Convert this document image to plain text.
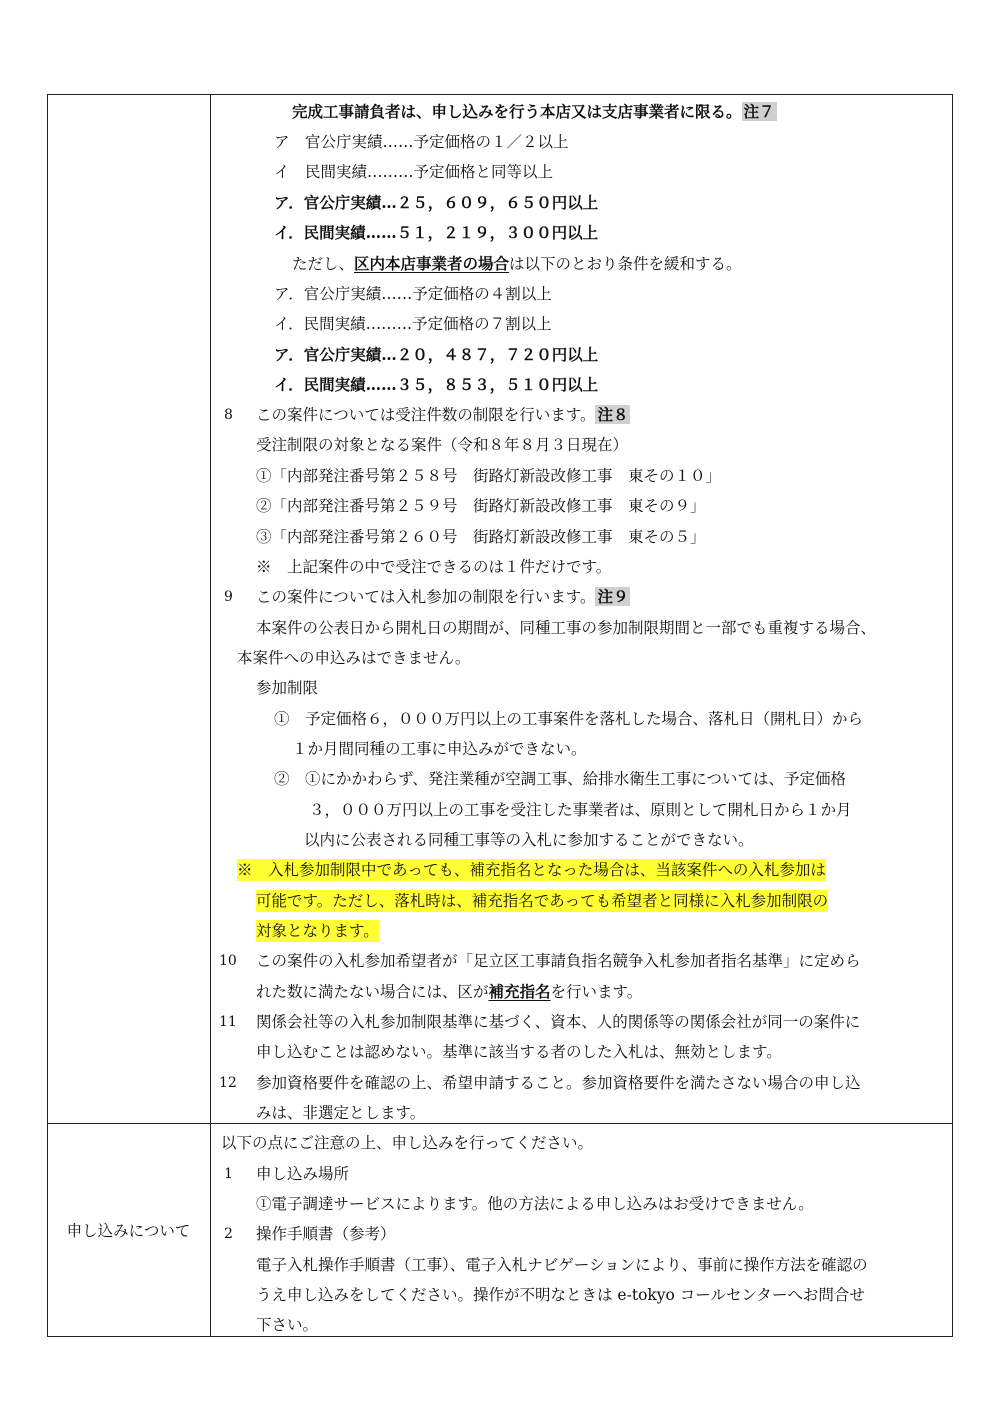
完成工事請負者は、申し込みを行う本店又は支店事業者に限る。 注７
ア　官公庁実績……予定価格の１／２以上
イ　民間実績………予定価格と同等以上
ア．官公庁実績…２５，６０９，６５０円以上
イ．民間実績……５１，２１９，３００円以上
ただし、区内本店事業者の場合は以下のとおり条件を緩和する。
ア．官公庁実績……予定価格の４割以上
イ．民間実績………予定価格の７割以上
ア．官公庁実績…２０，４８７，７２０円以上
イ．民間実績……３５，８５３，５１０円以上
8 この案件については受注件数の制限を行います。 注８
受注制限の対象となる案件（令和８年８月３日現在）
①「内部発注番号第２５８号　街路灯新設改修工事　東その１０」
②「内部発注番号第２５９号　街路灯新設改修工事　東その９」
③「内部発注番号第２６０号　街路灯新設改修工事　東その５」
※　上記案件の中で受注できるのは１件だけです。
9 この案件については入札参加の制限を行います。 注９
本案件の公表日から開札日の期間が、同種工事の参加制限期間と一部でも重複する場合、
本案件への申込みはできません。
参加制限
①　予定価格６，０００万円以上の工事案件を落札した場合、落札日（開札日）から
１か月間同種の工事に申込みができない。
②　①にかかわらず、発注業種が空調工事、給排水衛生工事については、予定価格
３，０００万円以上の工事を受注した事業者は、原則として開札日から１か月
以内に公表される同種工事等の入札に参加することができない。
※　入札参加制限中であっても、補充指名となった場合は、当該案件への入札参加は
可能です。ただし、落札時は、補充指名であっても希望者と同様に入札参加制限の
対象となります。
10 この案件の入札参加希望者が「足立区工事請負指名競争入札参加者指名基準」に定めら
れた数に満たない場合には、区が補充指名を行います。
11 関係会社等の入札参加制限基準に基づく、資本、人的関係等の関係会社が同一の案件に
申し込むことは認めない。基準に該当する者のした入札は、無効とします。
12 参加資格要件を確認の上、希望申請すること。参加資格要件を満たさない場合の申し込
みは、非選定とします。
申し込みについて
以下の点にご注意の上、申し込みを行ってください。
1 申し込み場所
①電子調達サービスによります。他の方法による申し込みはお受けできません。
2 操作手順書（参考）
電子入札操作手順書（工事）、電子入札ナビゲーションにより、事前に操作方法を確認の
うえ申し込みをしてください。操作が不明なときは e-tokyo コールセンターへお問合せ
下さい。
